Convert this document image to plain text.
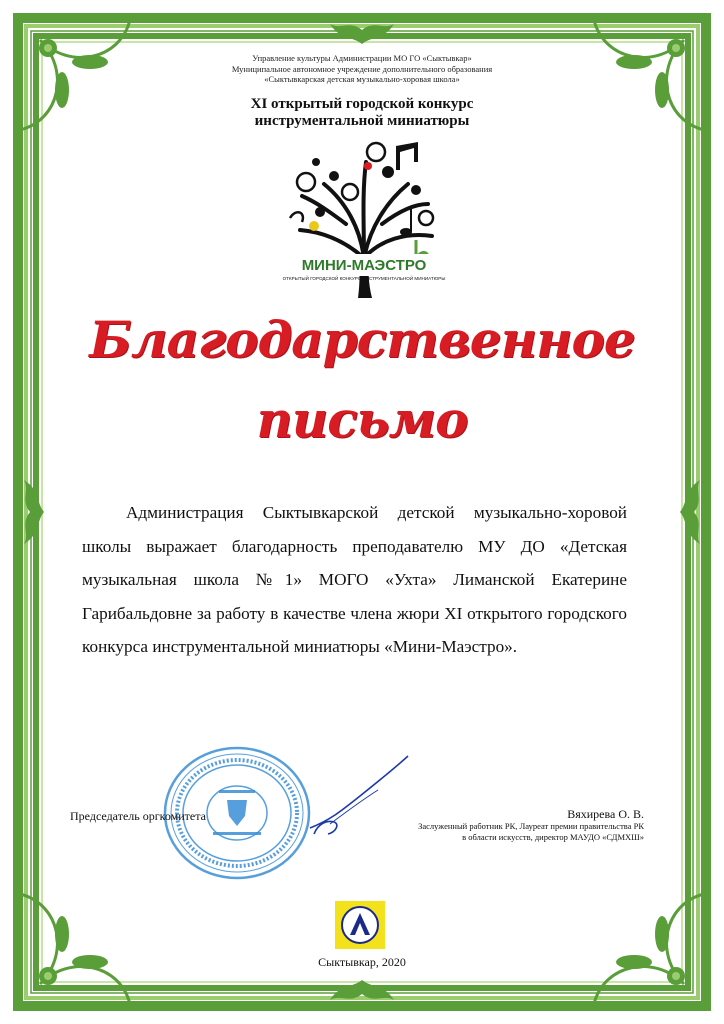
Управление культуры Администрации МО ГО «Сыктывкар»
Муниципальное автономное учреждение дополнительного образования
«Сыктывкарская детская музыкально-хоровая школа»
XI открытый городской конкурс
инструментальной миниатюры
МИНИ-МАЭСТРО
ОТКРЫТЫЙ ГОРОДСКОЙ КОНКУРС ИНСТРУМЕНТАЛЬНОЙ МИНИАТЮРЫ
Благодарственное
письмо
Администрация Сыктывкарской детской музыкально-хоровой школы выражает благодарность преподавателю МУ ДО «Детская музыкальная школа №1» МОГО «Ухта» Лиманской Екатерине Гарибальдовне за работу в качестве члена жюри XI открытого городского конкурса инструментальной миниатюры «Мини-Маэстро».
Председатель оргкомитета	Вяхирева О. В.
Заслуженный работник РК, Лауреат премии правительства РК
в области искусств, директор МАУДО «СДМХШ»
Сыктывкар, 2020
